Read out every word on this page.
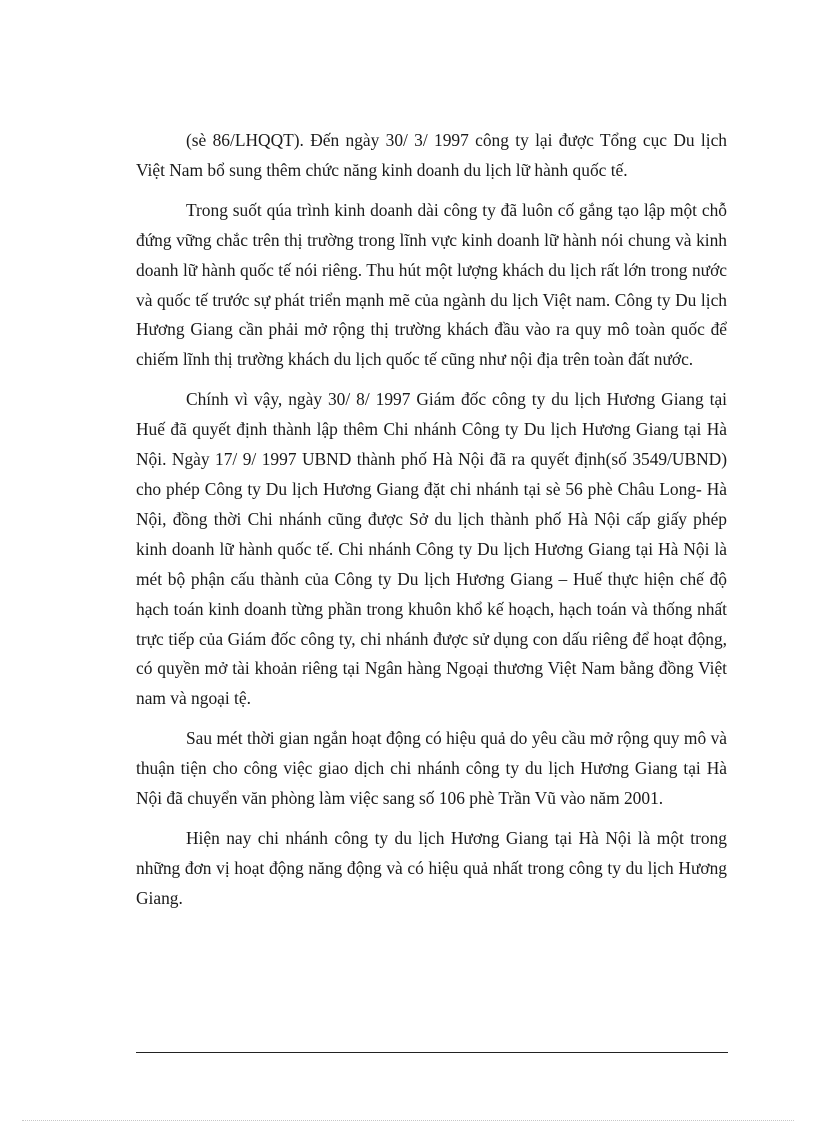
(sè 86/LHQQT). Đến ngày 30/ 3/ 1997 công ty lại được Tổng cục Du lịch Việt Nam bổ sung thêm chức năng kinh doanh du lịch lữ hành quốc tế.

Trong suốt qúa trình kinh doanh dài công ty đã luôn cố gắng tạo lập một chỗ đứng vững chắc trên thị trường trong lĩnh vực kinh doanh lữ hành nói chung và kinh doanh lữ hành quốc tế nói riêng. Thu hút một lượng khách du lịch rất lớn trong nước và quốc tế trước sự phát triển mạnh mẽ của ngành du lịch Việt nam. Công ty Du lịch Hương Giang cần phải mở rộng thị trường khách đầu vào ra quy mô toàn quốc để chiếm lĩnh thị trường khách du lịch quốc tế cũng như nội địa trên toàn đất nước.

Chính vì vậy, ngày 30/ 8/ 1997 Giám đốc công ty du lịch Hương Giang tại Huế đã quyết định thành lập thêm Chi nhánh Công ty Du lịch Hương Giang tại Hà Nội. Ngày 17/ 9/ 1997 UBND thành phố Hà Nội đã ra quyết định(số 3549/UBND) cho phép Công ty Du lịch Hương Giang đặt chi nhánh tại sè 56 phè Châu Long- Hà Nội, đồng thời Chi nhánh cũng được Sở du lịch thành phố Hà Nội cấp giấy phép kinh doanh lữ hành quốc tế. Chi nhánh Công ty Du lịch Hương Giang tại Hà Nội là mét bộ phận cấu thành của Công ty Du lịch Hương Giang – Huế thực hiện chế độ hạch toán kinh doanh từng phần trong khuôn khổ kế hoạch, hạch toán và thống nhất trực tiếp của Giám đốc công ty, chi nhánh được sử dụng con dấu riêng để hoạt động, có quyền mở tài khoản riêng tại Ngân hàng Ngoại thương Việt Nam bằng đồng Việt nam và ngoại tệ.

Sau mét thời gian ngắn hoạt động có hiệu quả do yêu cầu mở rộng quy mô và thuận tiện cho công việc giao dịch chi nhánh công ty du lịch Hương Giang tại Hà Nội đã chuyển văn phòng làm việc sang số 106 phè Trần Vũ vào năm 2001.

Hiện nay chi nhánh công ty du lịch Hương Giang tại Hà Nội là một trong những đơn vị hoạt động năng động và có hiệu quả nhất trong công ty du lịch Hương Giang.
